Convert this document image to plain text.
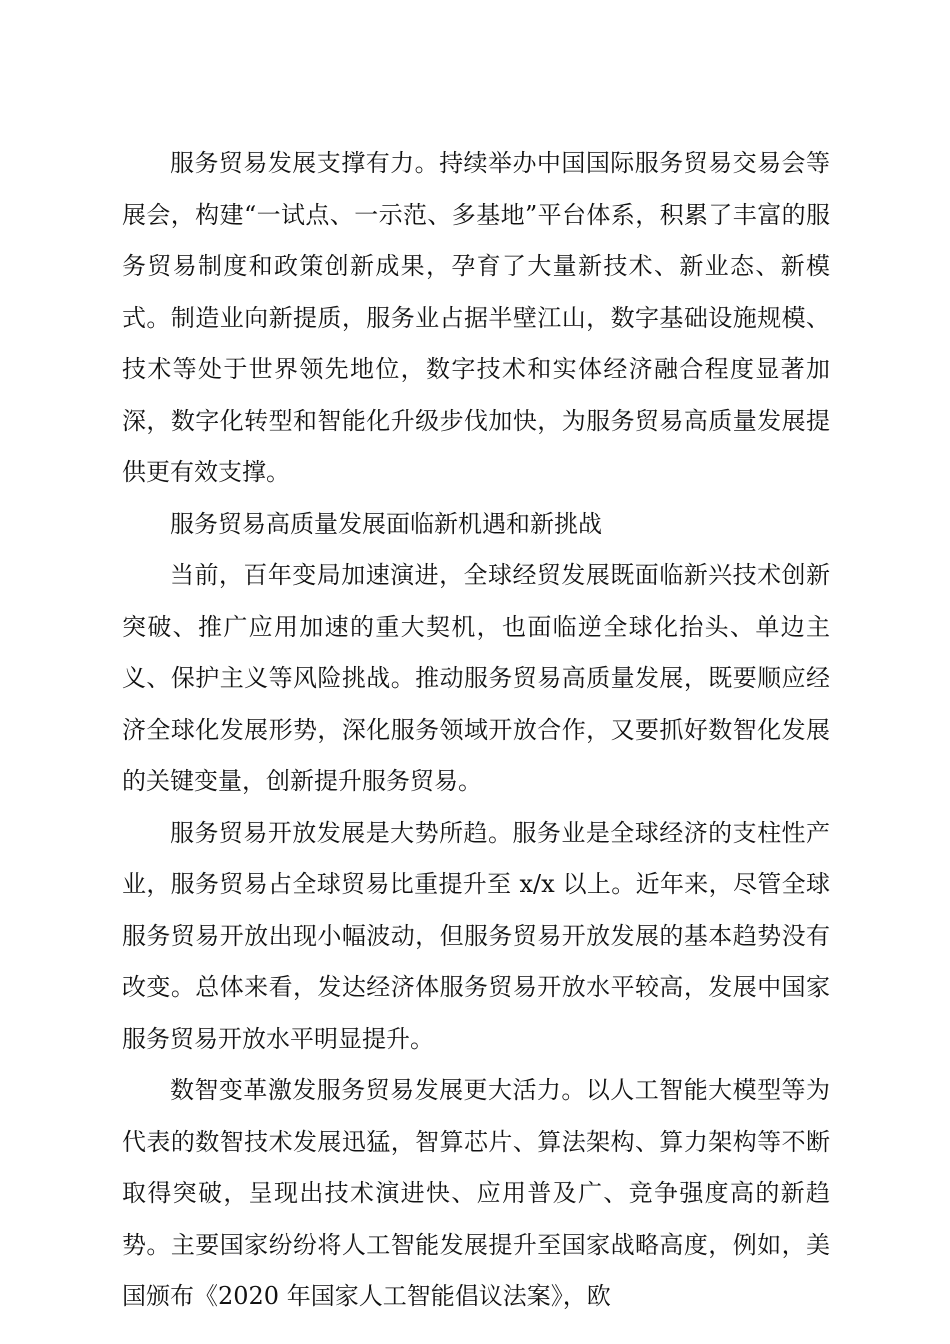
服务贸易发展支撑有力。持续举办中国国际服务贸易交易会等展会，构建“一试点、一示范、多基地”平台体系，积累了丰富的服务贸易制度和政策创新成果，孕育了大量新技术、新业态、新模式。制造业向新提质，服务业占据半壁江山，数字基础设施规模、技术等处于世界领先地位，数字技术和实体经济融合程度显著加深，数字化转型和智能化升级步伐加快，为服务贸易高质量发展提供更有效支撑。

服务贸易高质量发展面临新机遇和新挑战

当前，百年变局加速演进，全球经贸发展既面临新兴技术创新突破、推广应用加速的重大契机，也面临逆全球化抬头、单边主义、保护主义等风险挑战。推动服务贸易高质量发展，既要顺应经济全球化发展形势，深化服务领域开放合作，又要抓好数智化发展的关键变量，创新提升服务贸易。

服务贸易开放发展是大势所趋。服务业是全球经济的支柱性产业，服务贸易占全球贸易比重提升至 x/x 以上。近年来，尽管全球服务贸易开放出现小幅波动，但服务贸易开放发展的基本趋势没有改变。总体来看，发达经济体服务贸易开放水平较高，发展中国家服务贸易开放水平明显提升。

数智变革激发服务贸易发展更大活力。以人工智能大模型等为代表的数智技术发展迅猛，智算芯片、算法架构、算力架构等不断取得突破，呈现出技术演进快、应用普及广、竞争强度高的新趋势。主要国家纷纷将人工智能发展提升至国家战略高度，例如，美国颁布《2020 年国家人工智能倡议法案》，欧
